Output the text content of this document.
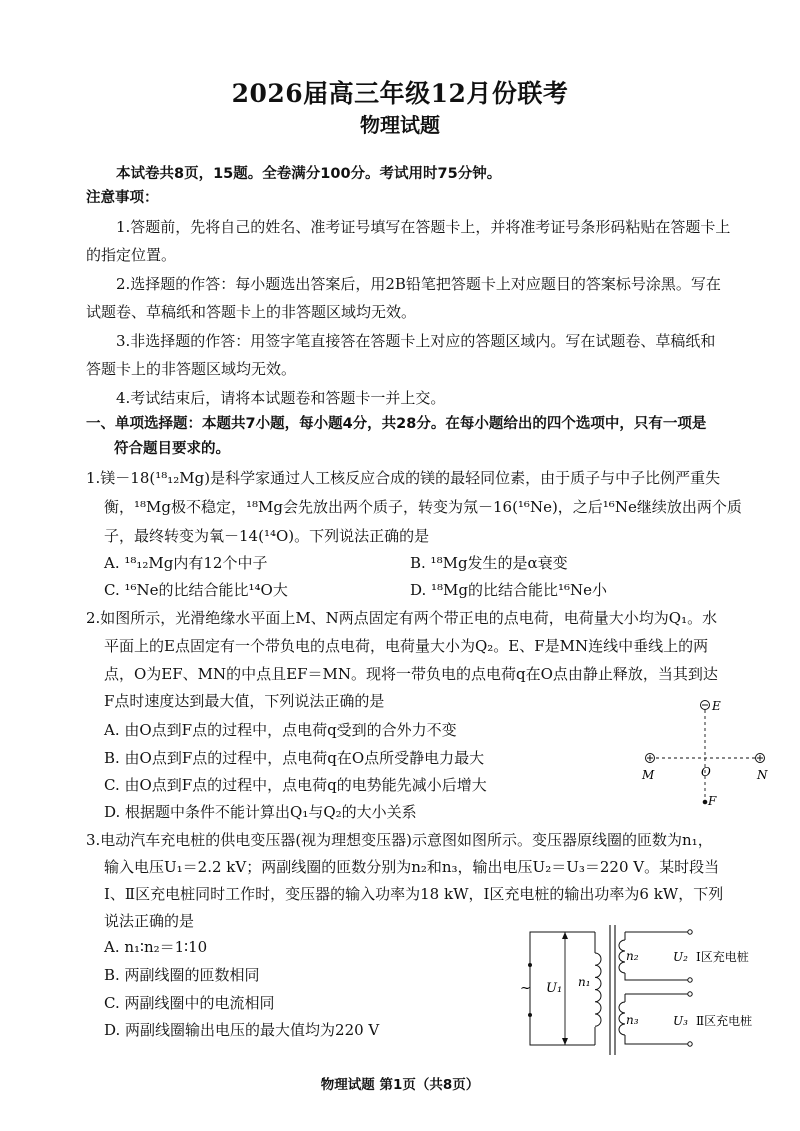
2026届高三年级12月份联考
物理试题
本试卷共8页，15题。全卷满分100分。考试用时75分钟。
注意事项：
1.答题前，先将自己的姓名、准考证号填写在答题卡上，并将准考证号条形码粘贴在答题卡上
的指定位置。
2.选择题的作答：每小题选出答案后，用2B铅笔把答题卡上对应题目的答案标号涂黑。写在
试题卷、草稿纸和答题卡上的非答题区域均无效。
3.非选择题的作答：用签字笔直接答在答题卡上对应的答题区域内。写在试题卷、草稿纸和
答题卡上的非答题区域均无效。
4.考试结束后，请将本试题卷和答题卡一并上交。
一、单项选择题：本题共7小题，每小题4分，共28分。在每小题给出的四个选项中，只有一项是
符合题目要求的。
1.镁－18(¹⁸₁₂Mg)是科学家通过人工核反应合成的镁的最轻同位素，由于质子与中子比例严重失
衡，¹⁸Mg极不稳定，¹⁸Mg会先放出两个质子，转变为氖－16(¹⁶Ne)，之后¹⁶Ne继续放出两个质
子，最终转变为氧－14(¹⁴O)。下列说法正确的是
A. ¹⁸₁₂Mg内有12个中子	B. ¹⁸Mg发生的是α衰变
C. ¹⁶Ne的比结合能比¹⁴O大	D. ¹⁸Mg的比结合能比¹⁶Ne小
2.如图所示，光滑绝缘水平面上M、N两点固定有两个带正电的点电荷，电荷量大小均为Q₁。水
平面上的E点固定有一个带负电的点电荷，电荷量大小为Q₂。E、F是MN连线中垂线上的两
点，O为EF、MN的中点且EF＝MN。现将一带负电的点电荷q在O点由静止释放，当其到达
F点时速度达到最大值，下列说法正确的是
A. 由O点到F点的过程中，点电荷q受到的合外力不变
B. 由O点到F点的过程中，点电荷q在O点所受静电力最大
C. 由O点到F点的过程中，点电荷q的电势能先减小后增大
D. 根据题中条件不能计算出Q₁与Q₂的大小关系
E
M	O	N
F
3.电动汽车充电桩的供电变压器(视为理想变压器)示意图如图所示。变压器原线圈的匝数为n₁，
输入电压U₁＝2.2 kV；两副线圈的匝数分别为n₂和n₃，输出电压U₂＝U₃＝220 V。某时段当
Ⅰ、Ⅱ区充电桩同时工作时，变压器的输入功率为18 kW，Ⅰ区充电桩的输出功率为6 kW，下列
说法正确的是
A. n₁∶n₂＝1∶10
B. 两副线圈的匝数相同
C. 两副线圈中的电流相同
D. 两副线圈输出电压的最大值均为220 V
~ U₁ n₁
n₂	U₂ Ⅰ区充电桩
n₃	U₃ Ⅱ区充电桩
物理试题 第1页（共8页）
